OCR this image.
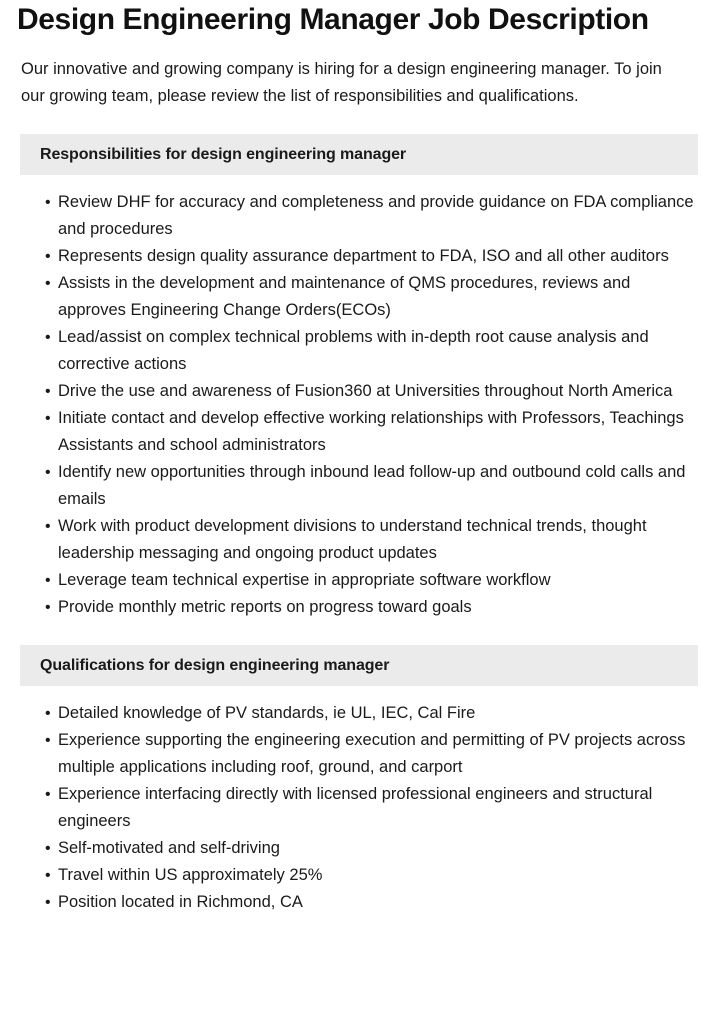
Design Engineering Manager Job Description

Our innovative and growing company is hiring for a design engineering manager. To join our growing team, please review the list of responsibilities and qualifications.

Responsibilities for design engineering manager
• Review DHF for accuracy and completeness and provide guidance on FDA compliance and procedures
• Represents design quality assurance department to FDA, ISO and all other auditors
• Assists in the development and maintenance of QMS procedures, reviews and approves Engineering Change Orders(ECOs)
• Lead/assist on complex technical problems with in-depth root cause analysis and corrective actions
• Drive the use and awareness of Fusion360 at Universities throughout North America
• Initiate contact and develop effective working relationships with Professors, Teachings Assistants and school administrators
• Identify new opportunities through inbound lead follow-up and outbound cold calls and emails
• Work with product development divisions to understand technical trends, thought leadership messaging and ongoing product updates
• Leverage team technical expertise in appropriate software workflow
• Provide monthly metric reports on progress toward goals
Qualifications for design engineering manager
• Detailed knowledge of PV standards, ie UL, IEC, Cal Fire
• Experience supporting the engineering execution and permitting of PV projects across multiple applications including roof, ground, and carport
• Experience interfacing directly with licensed professional engineers and structural engineers
• Self-motivated and self-driving
• Travel within US approximately 25%
• Position located in Richmond, CA
